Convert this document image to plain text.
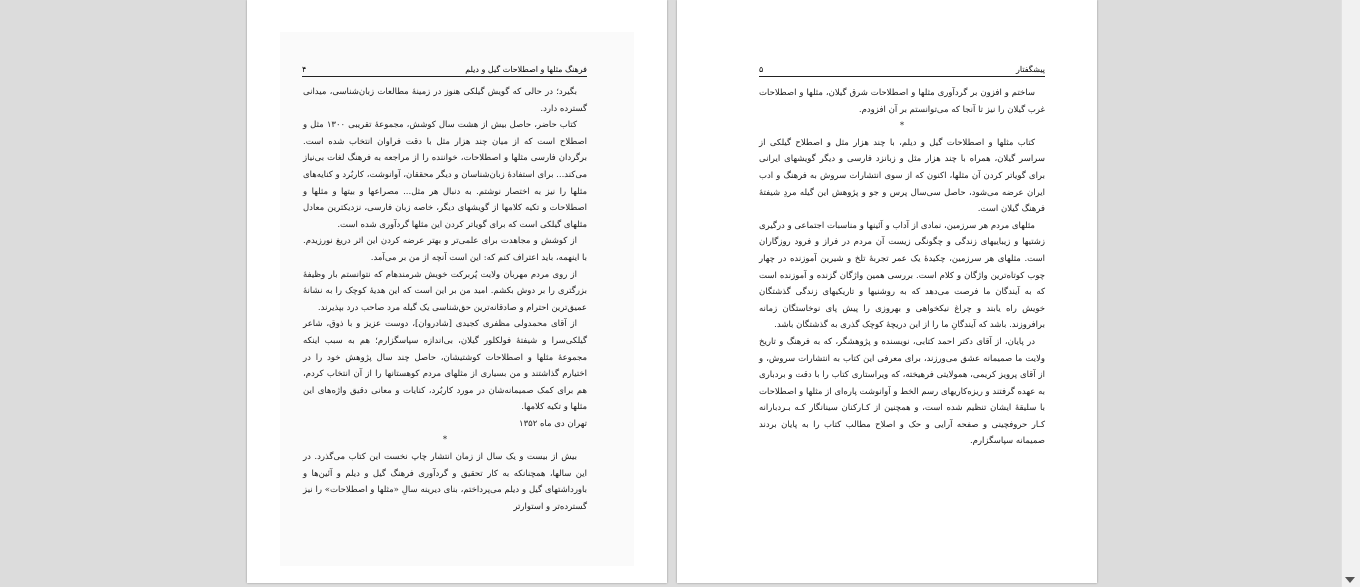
فرهنگ مثلها و اصطلاحات گیل و دیلم
۴

بگیرد؛ در حالی که گویش گیلکی هنوز در زمینهٔ مطالعات زبان‌شناسی، میدانی گسترده دارد.

کتاب حاضر، حاصل بیش از هشت سال کوشش، مجموعهٔ تقریبی ۱۳۰۰ مثل و اصطلاح است که از میان چند هزار مثل با دقت فراوان انتخاب شده است. برگردان فارسی مثلها و اصطلاحات، خواننده را از مراجعه به فرهنگ لغات بی‌نیاز می‌کند... برای استفادهٔ زبان‌شناسان و دیگر محققان، آوانوشت، کاربُرد و کنایه‌های مثلها را نیز به اختصار نوشتم. به دنبال هر مثل... مصراعها و بیتها و مثلها و اصطلاحات و تکیه کلامها از گویشهای دیگر، خاصه زبان فارسی، نزدیکترین معادل مثلهای گیلکی است که برای گویاتر کردن این مثلها گردآوری شده است.

از کوشش و مجاهدت برای علمی‌تر و بهتر عرضه کردن این اثر دریغ نورزیدم. با اینهمه، باید اعتراف کنم که: این است آنچه از من بر می‌آمد.

از روی مردم مهربان ولایت پُربرکت خویش شرمندهام که نتوانستم بار وظیفهٔ بزرگتری را بر دوش بکشم. امید من بر این است که این هدیهٔ کوچک را به نشانهٔ عمیق‌ترین احترام و صادقانه‌ترین حق‌شناسی یک گیله مرد صاحب درد بپذیرند.

از آقای محمدولی مظفری کجیدی [شادروان]، دوست عزیز و با ذوق، شاعر گیلکی‌سرا و شیفتهٔ فولکلور گیلان، بی‌اندازه سپاسگزارم؛ هم به سبب اینکه مجموعهٔ مثلها و اصطلاحات کوشتیشان، حاصل چند سال پژوهش خود را در اختیارم گذاشتند و من بسیاری از مثلهای مردم کوهستانها را از آن انتخاب کردم، هم برای کمک صمیمانه‌شان در مورد کاربُرد، کنایات و معانی دقیق واژه‌های این مثلها و تکیه کلامها.

تهران دی ماه ۱۳۵۲

*

بیش از بیست و یک سال از زمان انتشار چاپ نخست این کتاب می‌گذرد. در این سالها، همچنانکه به کار تحقیق و گردآوری فرهنگ گیل و دیلم و آئین‌ها و باورداشتهای گیل و دیلم می‌پرداختم، بنای دیرینه سالِ «مثلها و اصطلاحات» را نیز گسترده‌تر و استوارتر

پیشگفتار
۵

ساختم و افزون بر گردآوری مثلها و اصطلاحات شرق گیلان، مثلها و اصطلاحات غرب گیلان را نیز تا آنجا که می‌توانستم بر آن افزودم.

*

کتاب مثلها و اصطلاحات گیل و دیلم، با چند هزار مثل و اصطلاح گیلکی از سراسر گیلان، همراه با چند هزار مثل و زبانزد فارسی و دیگر گویشهای ایرانی برای گویاتر کردن آن مثلها، اکنون که از سوی انتشارات سروش به فرهنگ و ادب ایران عرضه می‌شود، حاصل سی‌سال پرس و جو و پژوهش این گیله مردِ شیفتهٔ فرهنگ گیلان است.

مثلهای مردم هر سرزمین، نمادی از آداب و آئینها و مناسبات اجتماعی و درگیری زشتیها و زیباییهای زندگی و چگونگی زیست آن مردم در فراز و فرود روزگاران است. مثلهای هر سرزمین، چکیدهٔ یک عمر تجربهٔ تلخ و شیرین آموزنده در چهار چوب کوتاه‌ترین واژگان و کلام است. بررسی همین واژگان گزنده و آموزنده است که به آیندگان ما فرصت می‌دهد که به روشنیها و تاریکیهای زندگی گذشتگان خویش راه یابند و چراغ نیکخواهی و بهروزی را پیش پای نوخاستگان زمانه برافروزند. باشد که آیندگانِ ما را از این دریچهٔ کوچک گذری به گذشتگان باشد.

در پایان، از آقای دکتر احمد کتابی، نویسنده و پژوهشگر، که به فرهنگ و تاریخ ولایت ما صمیمانه عشق می‌ورزند، برای معرفی این کتاب به انتشارات سروش، و از آقای پرویز کریمی، همولایتی فرهیخته، که ویراستاری کتاب را با دقت و بردباری به عهده گرفتند و ریزه‌کاریهای رسم الخط و آوانوشت پاره‌ای از مثلها و اصطلاحات با سلیقهٔ ایشان تنظیم شده است، و همچنین از کـارکنان سینانگار کـه بـردبارانه کـار حروفچینی و صفحه آرایی و حک و اصلاح مطالب کتاب را به پایان بردند صمیمانه سپاسگزارم.
